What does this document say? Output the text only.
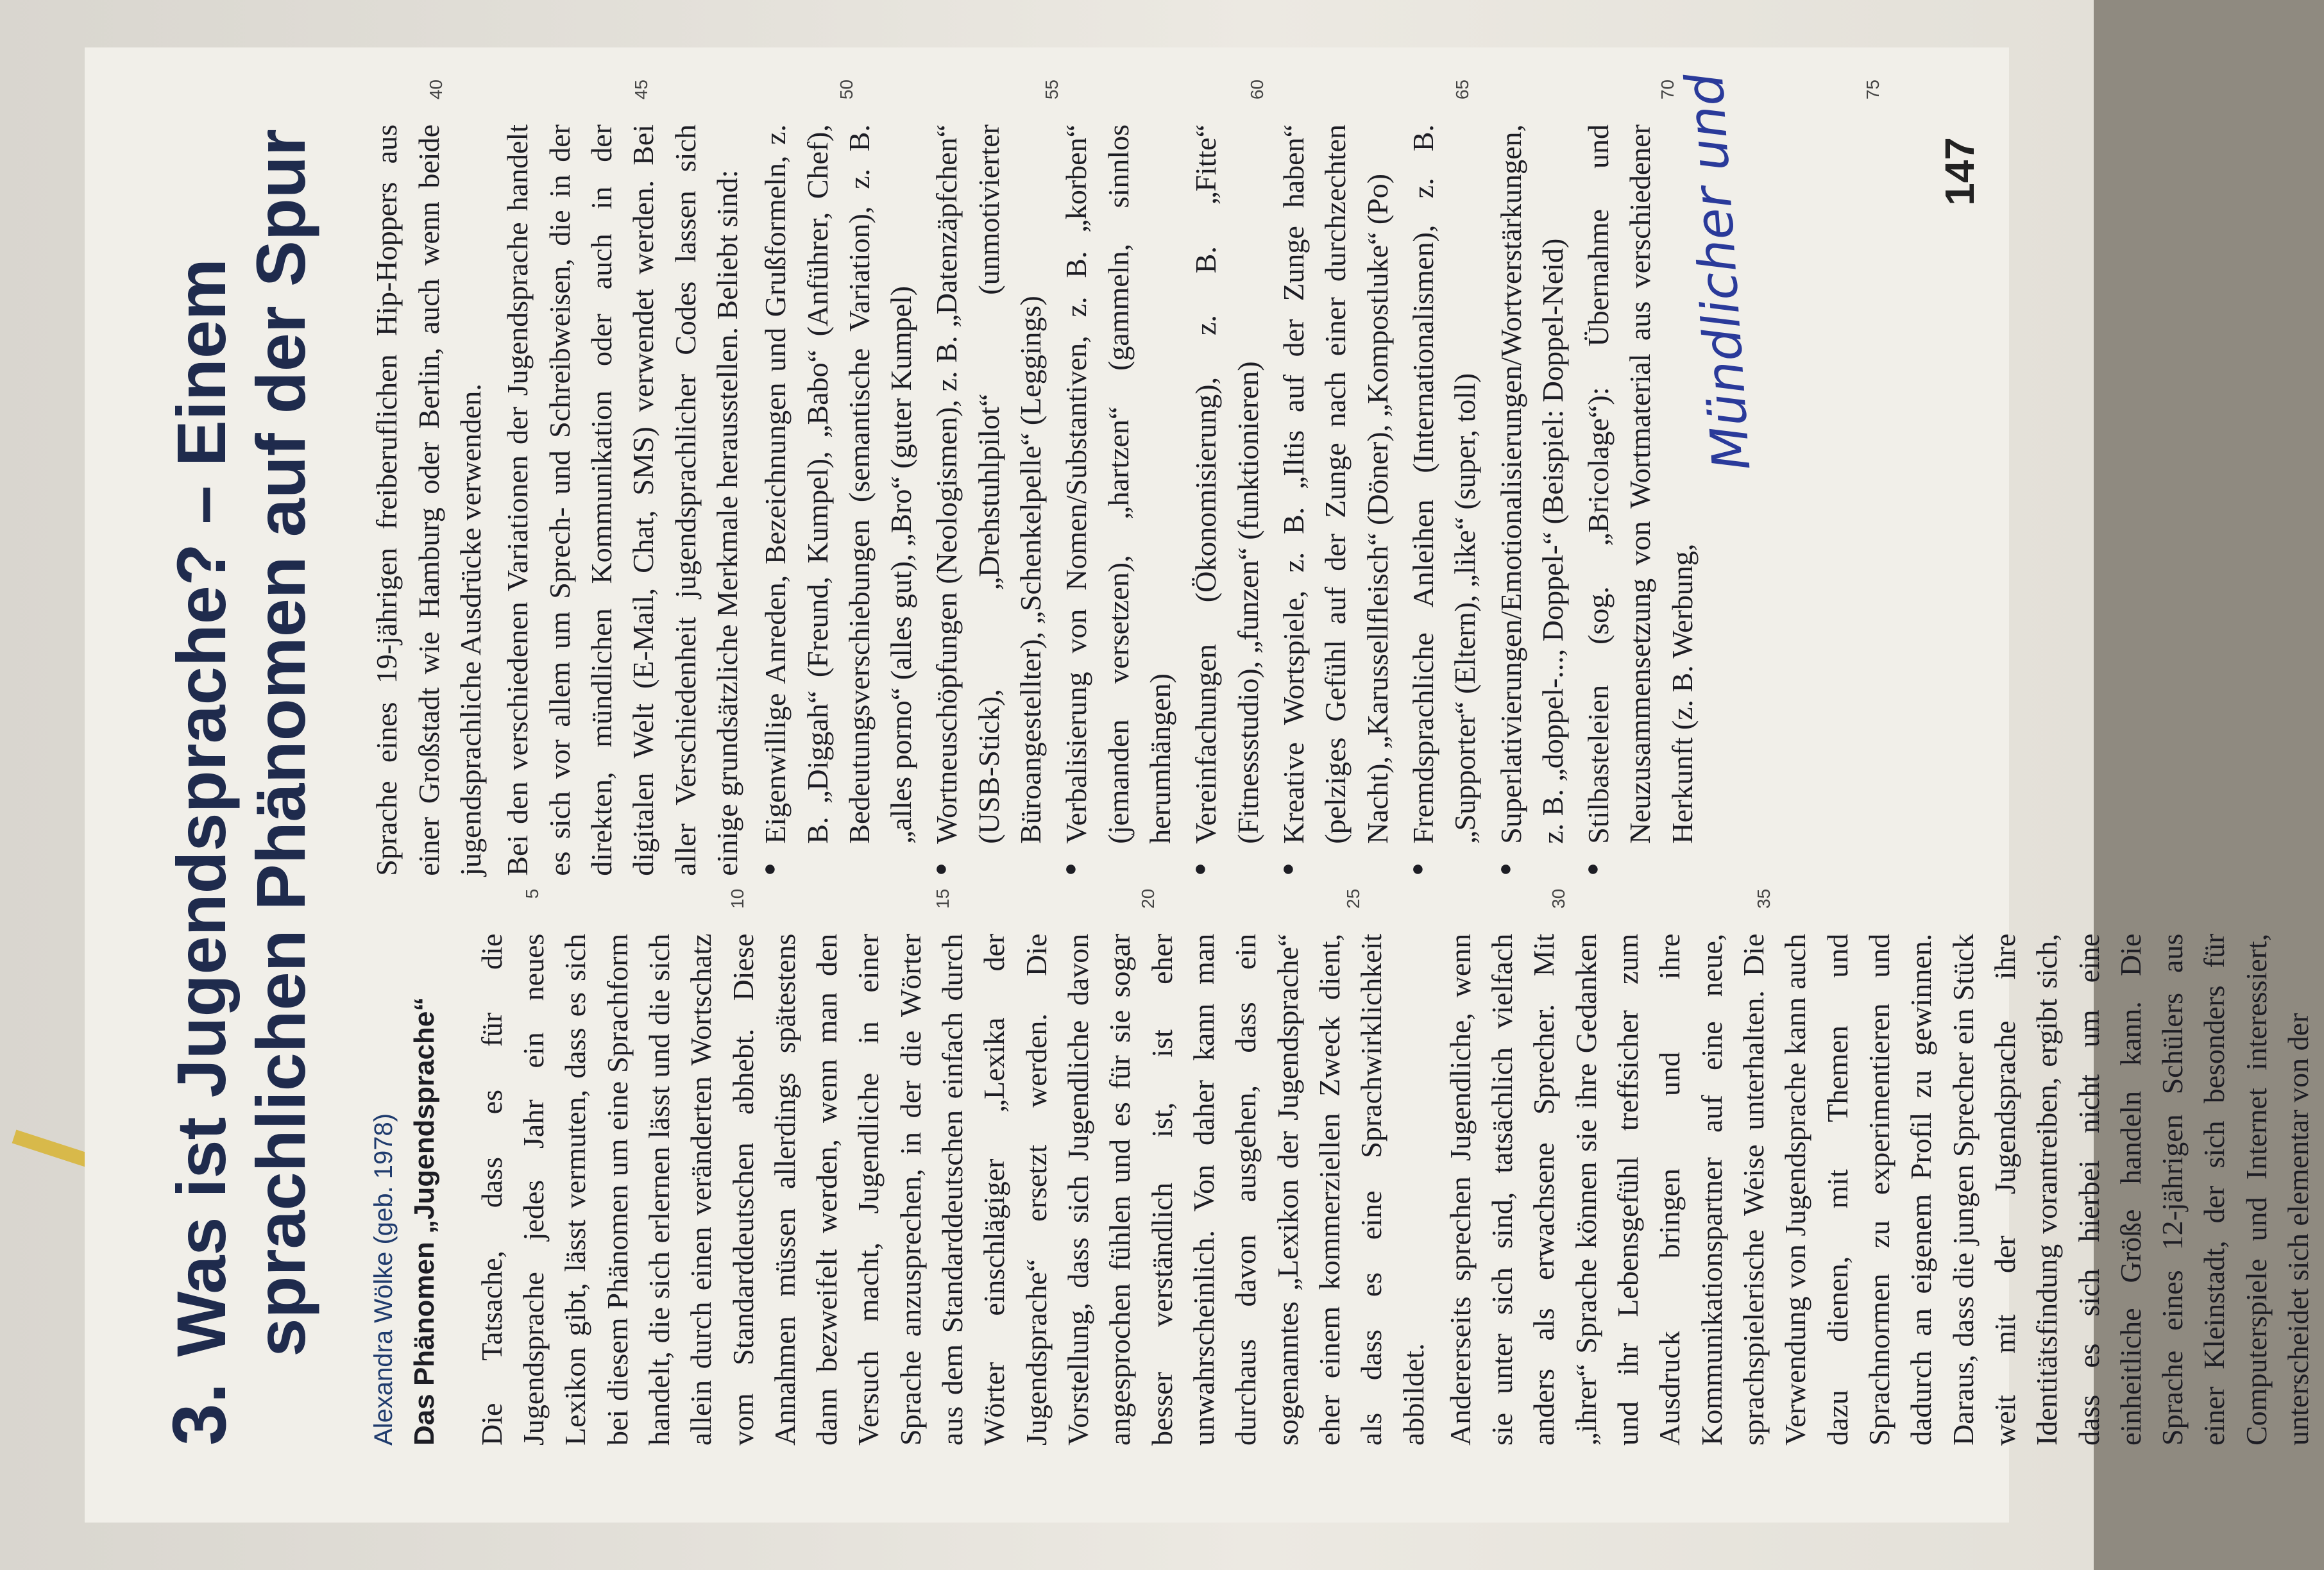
3.
Was ist Jugendsprache? – Einem sprachlichen Phänomen auf der Spur Alexandra Wölke (geb. 1978) Das Phänomen „Jugendsprache“ Die Tatsache, dass es für die Jugendsprache jedes Jahr ein neues Lexikon gibt, lässt vermuten, dass es sich bei diesem Phänomen um eine Sprachform handelt, die sich erlernen lässt und die sich allein durch einen veränderten Wortschatz vom Standarddeutschen abhebt. Diese Annahmen müssen allerdings spätestens dann bezweifelt werden, wenn man den Versuch macht, Jugendliche in einer Sprache anzusprechen, in der die Wörter aus dem Standarddeutschen einfach durch Wörter einschlägiger „Lexika der Jugendsprache“ ersetzt werden. Die Vorstellung, dass sich Jugendliche davon angesprochen fühlen und es für sie sogar besser verständlich ist, ist eher unwahrscheinlich. Von daher kann man durchaus davon ausgehen, dass ein sogenanntes „Lexikon der Jugendsprache“ eher einem kommerziellen Zweck dient, als dass es eine Sprachwirklichkeit abbildet. Andererseits sprechen Jugendliche, wenn sie unter sich sind, tatsächlich vielfach anders als erwachsene Sprecher. Mit „ihrer“ Sprache können sie ihre Gedanken und ihr Lebensgefühl treffsicher zum Ausdruck bringen und ihre Kommunikationspartner auf eine neue, sprachspielerische Weise unterhalten. Die Verwendung von Jugendsprache kann auch dazu dienen, mit Themen und Sprachnormen zu experimentieren und dadurch an eigenem Profil zu gewinnen. Daraus, dass die jungen Sprecher ein Stück weit mit der Jugendsprache ihre Identitätsfindung vorantreiben, ergibt sich, dass es sich hierbei nicht um eine einheitliche Größe handeln kann. Die Sprache eines 12-jährigen Schülers aus einer Kleinstadt, der sich besonders für Computerspiele und Internet interessiert, unterscheidet sich elementar von der

5	10	15	20	25	30	35

Sprache eines 19-jährigen freiberuflichen Hip-Hoppers aus einer Großstadt wie Hamburg oder Berlin, auch wenn beide jugendsprachliche Ausdrücke verwenden. Bei den verschiedenen Variationen der Jugendsprache handelt es sich vor allem um Sprech- und Schreibweisen, die in der direkten, mündlichen Kommunikation oder auch in der digitalen Welt (E-Mail, Chat, SMS) verwendet werden. Bei aller Verschiedenheit jugendsprachlicher Codes lassen sich einige grundsätzliche Merkmale herausstellen. Beliebt sind: ● Eigenwillige Anreden, Bezeichnungen und Grußformeln, z. B. „Diggah“ (Freund, Kumpel), „Babo“ (Anführer, Chef), Bedeutungsverschiebungen (semantische Variation), z. B. „alles porno“ (alles gut), „Bro“ (guter Kumpel) ● Wortneuschöpfungen (Neologismen), z. B. „Datenzäpfchen“ (USB-Stick), „Drehstuhlpilot“ (unmotivierter Büroangestellter), „Schenkelpelle“ (Leggings) ● Verbalisierung von Nomen/Substantiven, z. B. „korben“ (jemanden versetzen), „hartzen“ (gammeln, sinnlos herumhängen) ● Vereinfachungen (Ökonomisierung), z. B. „Fitte“ (Fitnessstudio), „funzen“ (funktionieren) ● Kreative Wortspiele, z. B. „Iltis auf der Zunge haben“ (pelziges Gefühl auf der Zunge nach einer durchzechten Nacht), „Karussellfleisch“ (Döner), „Kompostluke“ (Po) ● Fremdsprachliche Anleihen (Internationalismen), z. B. „Supporter“ (Eltern), „like“ (super, toll) ● Superlativierungen/Emotionalisierungen/Wortverstärkungen, z. B. „doppel-..., Doppel-“ (Beispiel: Doppel-Neid) ● Stilbasteleien (sog. „Bricolage“): Übernahme und Neuzusammensetzung von Wortmaterial aus verschiedener Herkunft (z. B. Werbung,
40	45	50	55	60	65	70	75
147
Mündlicher und
